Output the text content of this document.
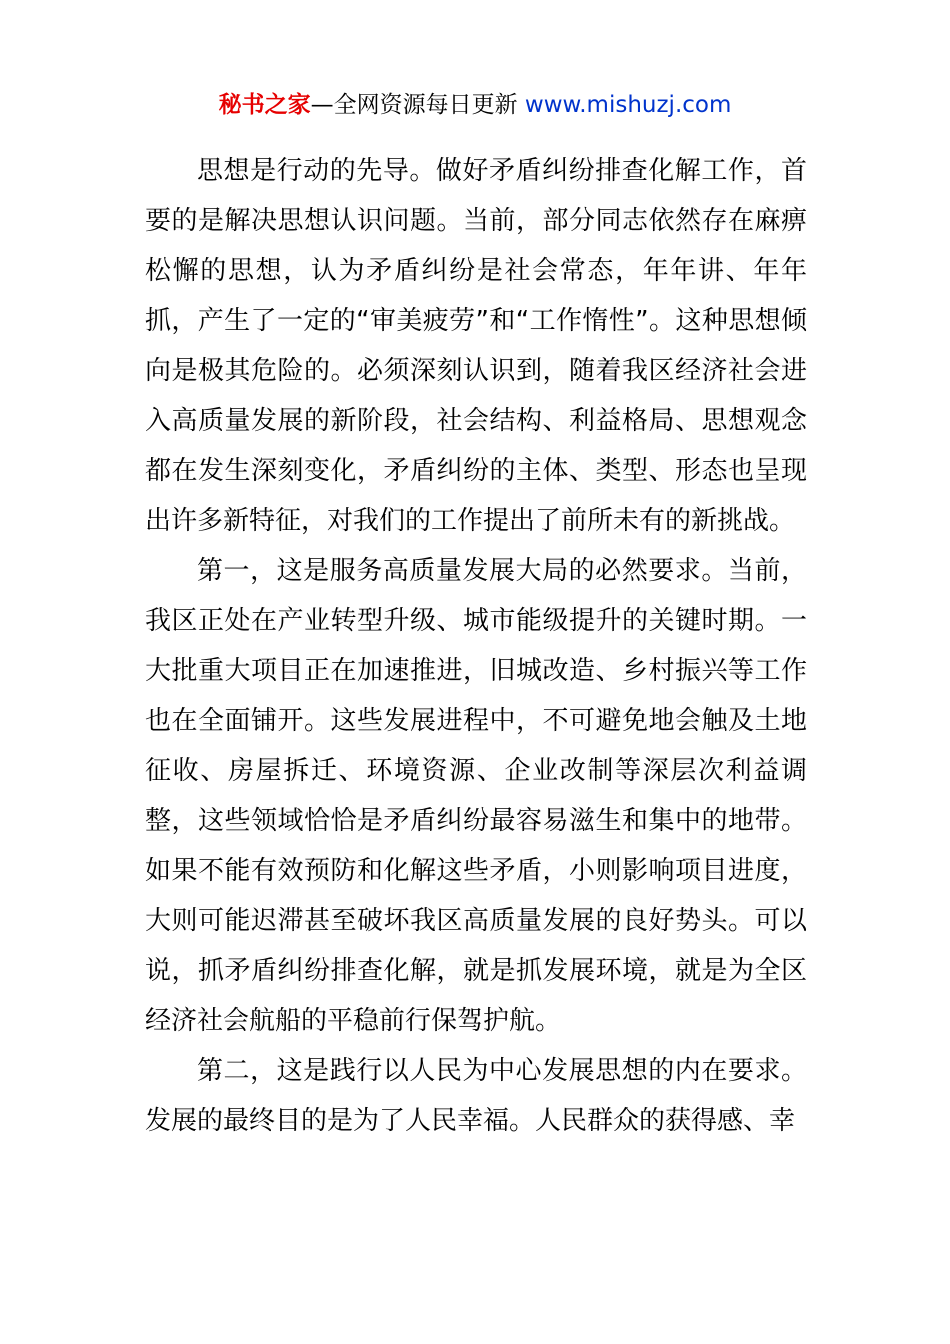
秘书之家—全网资源每日更新 www.mishuzj.com

思想是行动的先导。做好矛盾纠纷排查化解工作，首要的是解决思想认识问题。当前，部分同志依然存在麻痹松懈的思想，认为矛盾纠纷是社会常态，年年讲、年年抓，产生了一定的“审美疲劳”和“工作惰性”。这种思想倾向是极其危险的。必须深刻认识到，随着我区经济社会进入高质量发展的新阶段，社会结构、利益格局、思想观念都在发生深刻变化，矛盾纠纷的主体、类型、形态也呈现出许多新特征，对我们的工作提出了前所未有的新挑战。

第一，这是服务高质量发展大局的必然要求。当前，我区正处在产业转型升级、城市能级提升的关键时期。一大批重大项目正在加速推进，旧城改造、乡村振兴等工作也在全面铺开。这些发展进程中，不可避免地会触及土地征收、房屋拆迁、环境资源、企业改制等深层次利益调整，这些领域恰恰是矛盾纠纷最容易滋生和集中的地带。如果不能有效预防和化解这些矛盾，小则影响项目进度，大则可能迟滞甚至破坏我区高质量发展的良好势头。可以说，抓矛盾纠纷排查化解，就是抓发展环境，就是为全区经济社会航船的平稳前行保驾护航。

第二，这是践行以人民为中心发展思想的内在要求。发展的最终目的是为了人民幸福。人民群众的获得感、幸
